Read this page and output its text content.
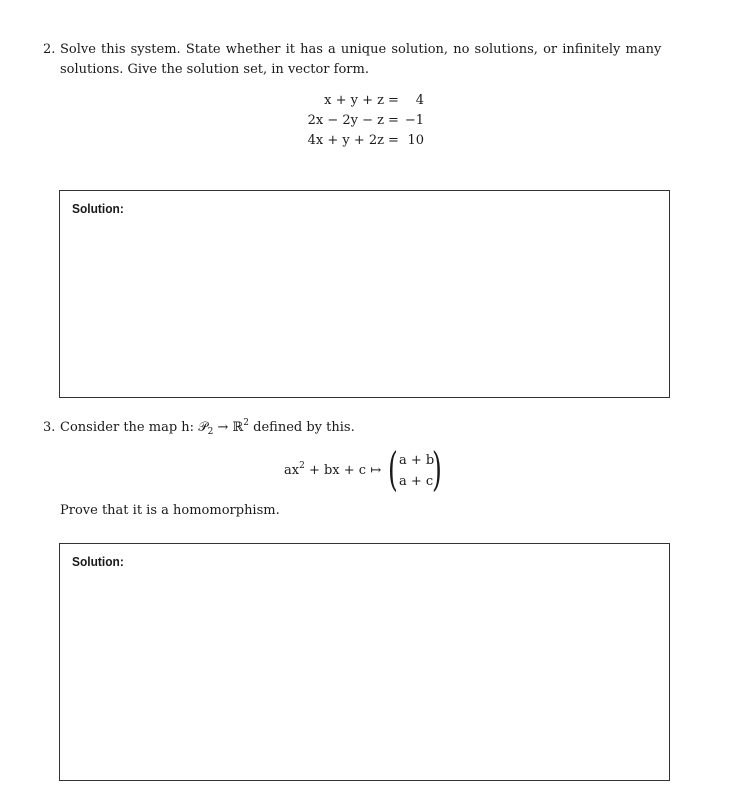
2. Solve this system. State whether it has a unique solution, no solutions, or infinitely many
solutions. Give the solution set, in vector form.
x + y + z =	4
2x − 2y − z = −1
4x + y + 2z = 10
Solution:
3. Consider the map h: 𝒫$_2$ → ℝ$^2$ defined by this.
$ax^2$ + bx + c ↦ ( a + b
a + c
)
Prove that it is a homomorphism.
Solution:
